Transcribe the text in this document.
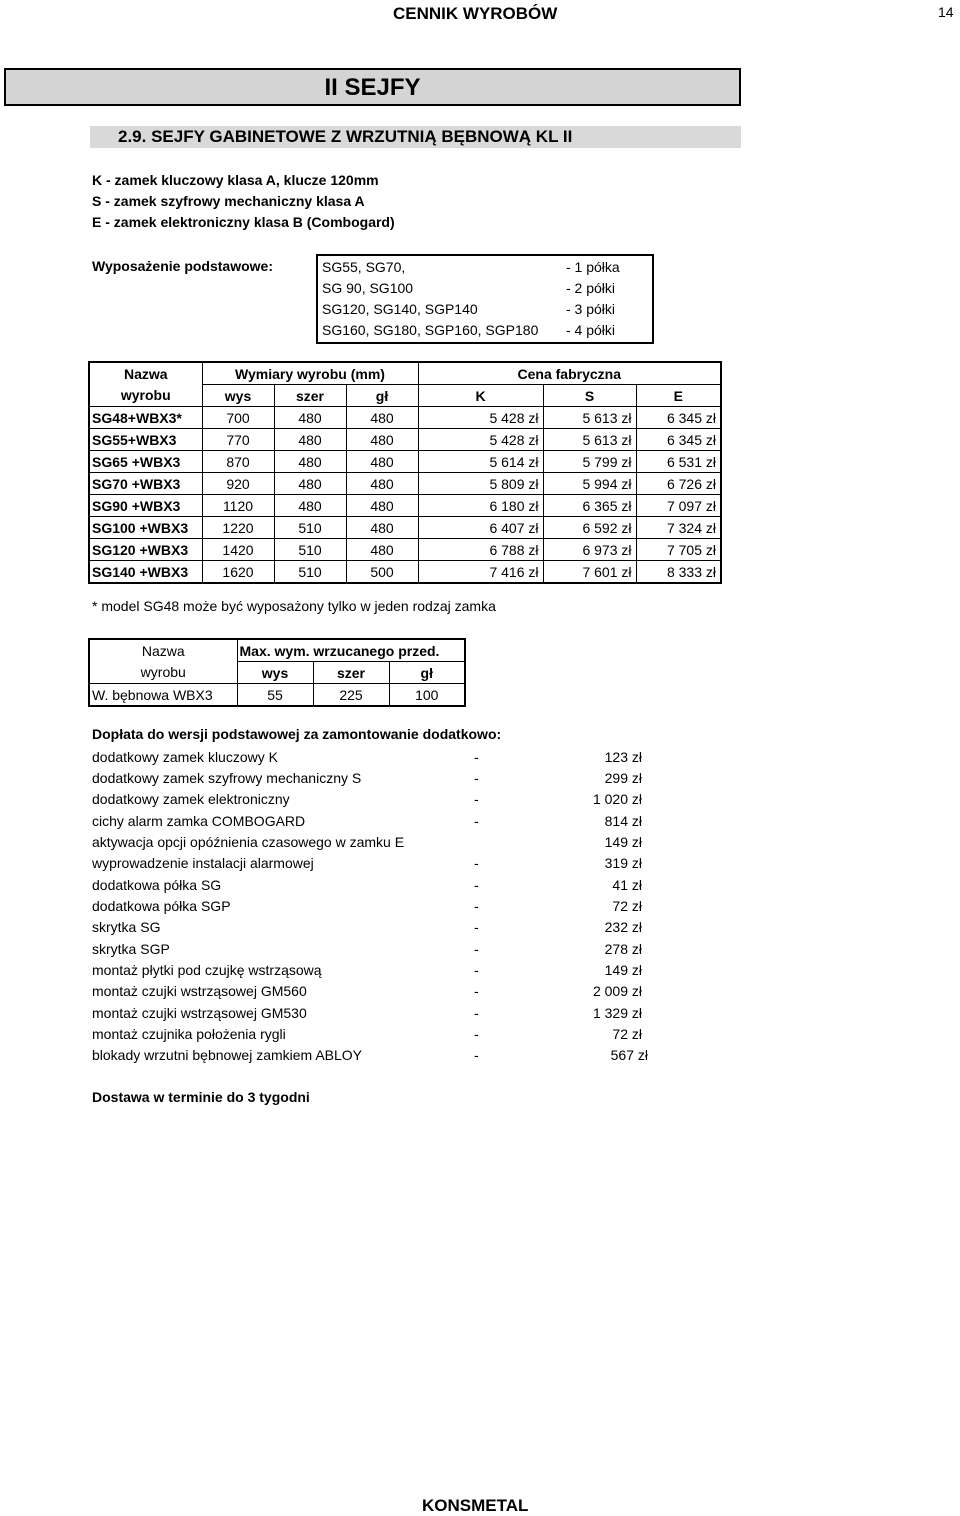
CENNIK WYROBÓW	14
II SEJFY
2.9. SEJFY GABINETOWE Z WRZUTNIĄ BĘBNOWĄ KL II
K - zamek kluczowy klasa A, klucze 120mm
S - zamek szyfrowy mechaniczny klasa A
E - zamek elektroniczny klasa B (Combogard)
Wyposażenie podstawowe:	SG55, SG70,	- 1 półka
SG 90, SG100	- 2 półki
SG120, SG140, SGP140	- 3 półki
SG160, SG180, SGP160, SGP180 - 4 półki
Nazwa	Wymiary wyrobu (mm)			Cena fabryczna		
wyrobu	wys	szer	gł	K	S	E
SG48+WBX3*	700	480	480	5 428 zł	5 613 zł	6 345 zł
SG55+WBX3	770	480	480	5 428 zł	5 613 zł	6 345 zł
SG65 +WBX3	870	480	480	5 614 zł	5 799 zł	6 531 zł
SG70 +WBX3	920	480	480	5 809 zł	5 994 zł	6 726 zł
SG90 +WBX3	1120	480	480	6 180 zł	6 365 zł	7 097 zł
SG100 +WBX3	1220	510	480	6 407 zł	6 592 zł	7 324 zł
SG120 +WBX3	1420	510	480	6 788 zł	6 973 zł	7 705 zł
SG140 +WBX3	1620	510	500	7 416 zł	7 601 zł	8 333 zł
* model SG48 może być wyposażony tylko w jeden rodzaj zamka
Nazwa	Max. wym. wrzucanego przed.		
wyrobu	wys	szer	gł
W. bębnowa WBX3	55	225	100
Dopłata do wersji podstawowej za zamontowanie dodatkowo:
dodatkowy zamek kluczowy K	-	123 zł
dodatkowy zamek szyfrowy mechaniczny S	-	299 zł
dodatkowy zamek elektroniczny	-	1 020 zł
cichy alarm zamka COMBOGARD	-	814 zł
aktywacja opcji opóźnienia czasowego w zamku E	149 zł
wyprowadzenie instalacji alarmowej	-	319 zł
dodatkowa półka SG	-	41 zł
dodatkowa półka SGP	-	72 zł
skrytka SG	-	232 zł
skrytka SGP	-	278 zł
montaż płytki pod czujkę wstrząsową	-	149 zł
montaż czujki wstrząsowej GM560	-	2 009 zł
montaż czujki wstrząsowej GM530	-	1 329 zł
montaż czujnika położenia rygli	-	72 zł
blokady wrzutni bębnowej zamkiem ABLOY	-	567 zł
Dostawa w terminie do 3 tygodni
KONSMETAL
